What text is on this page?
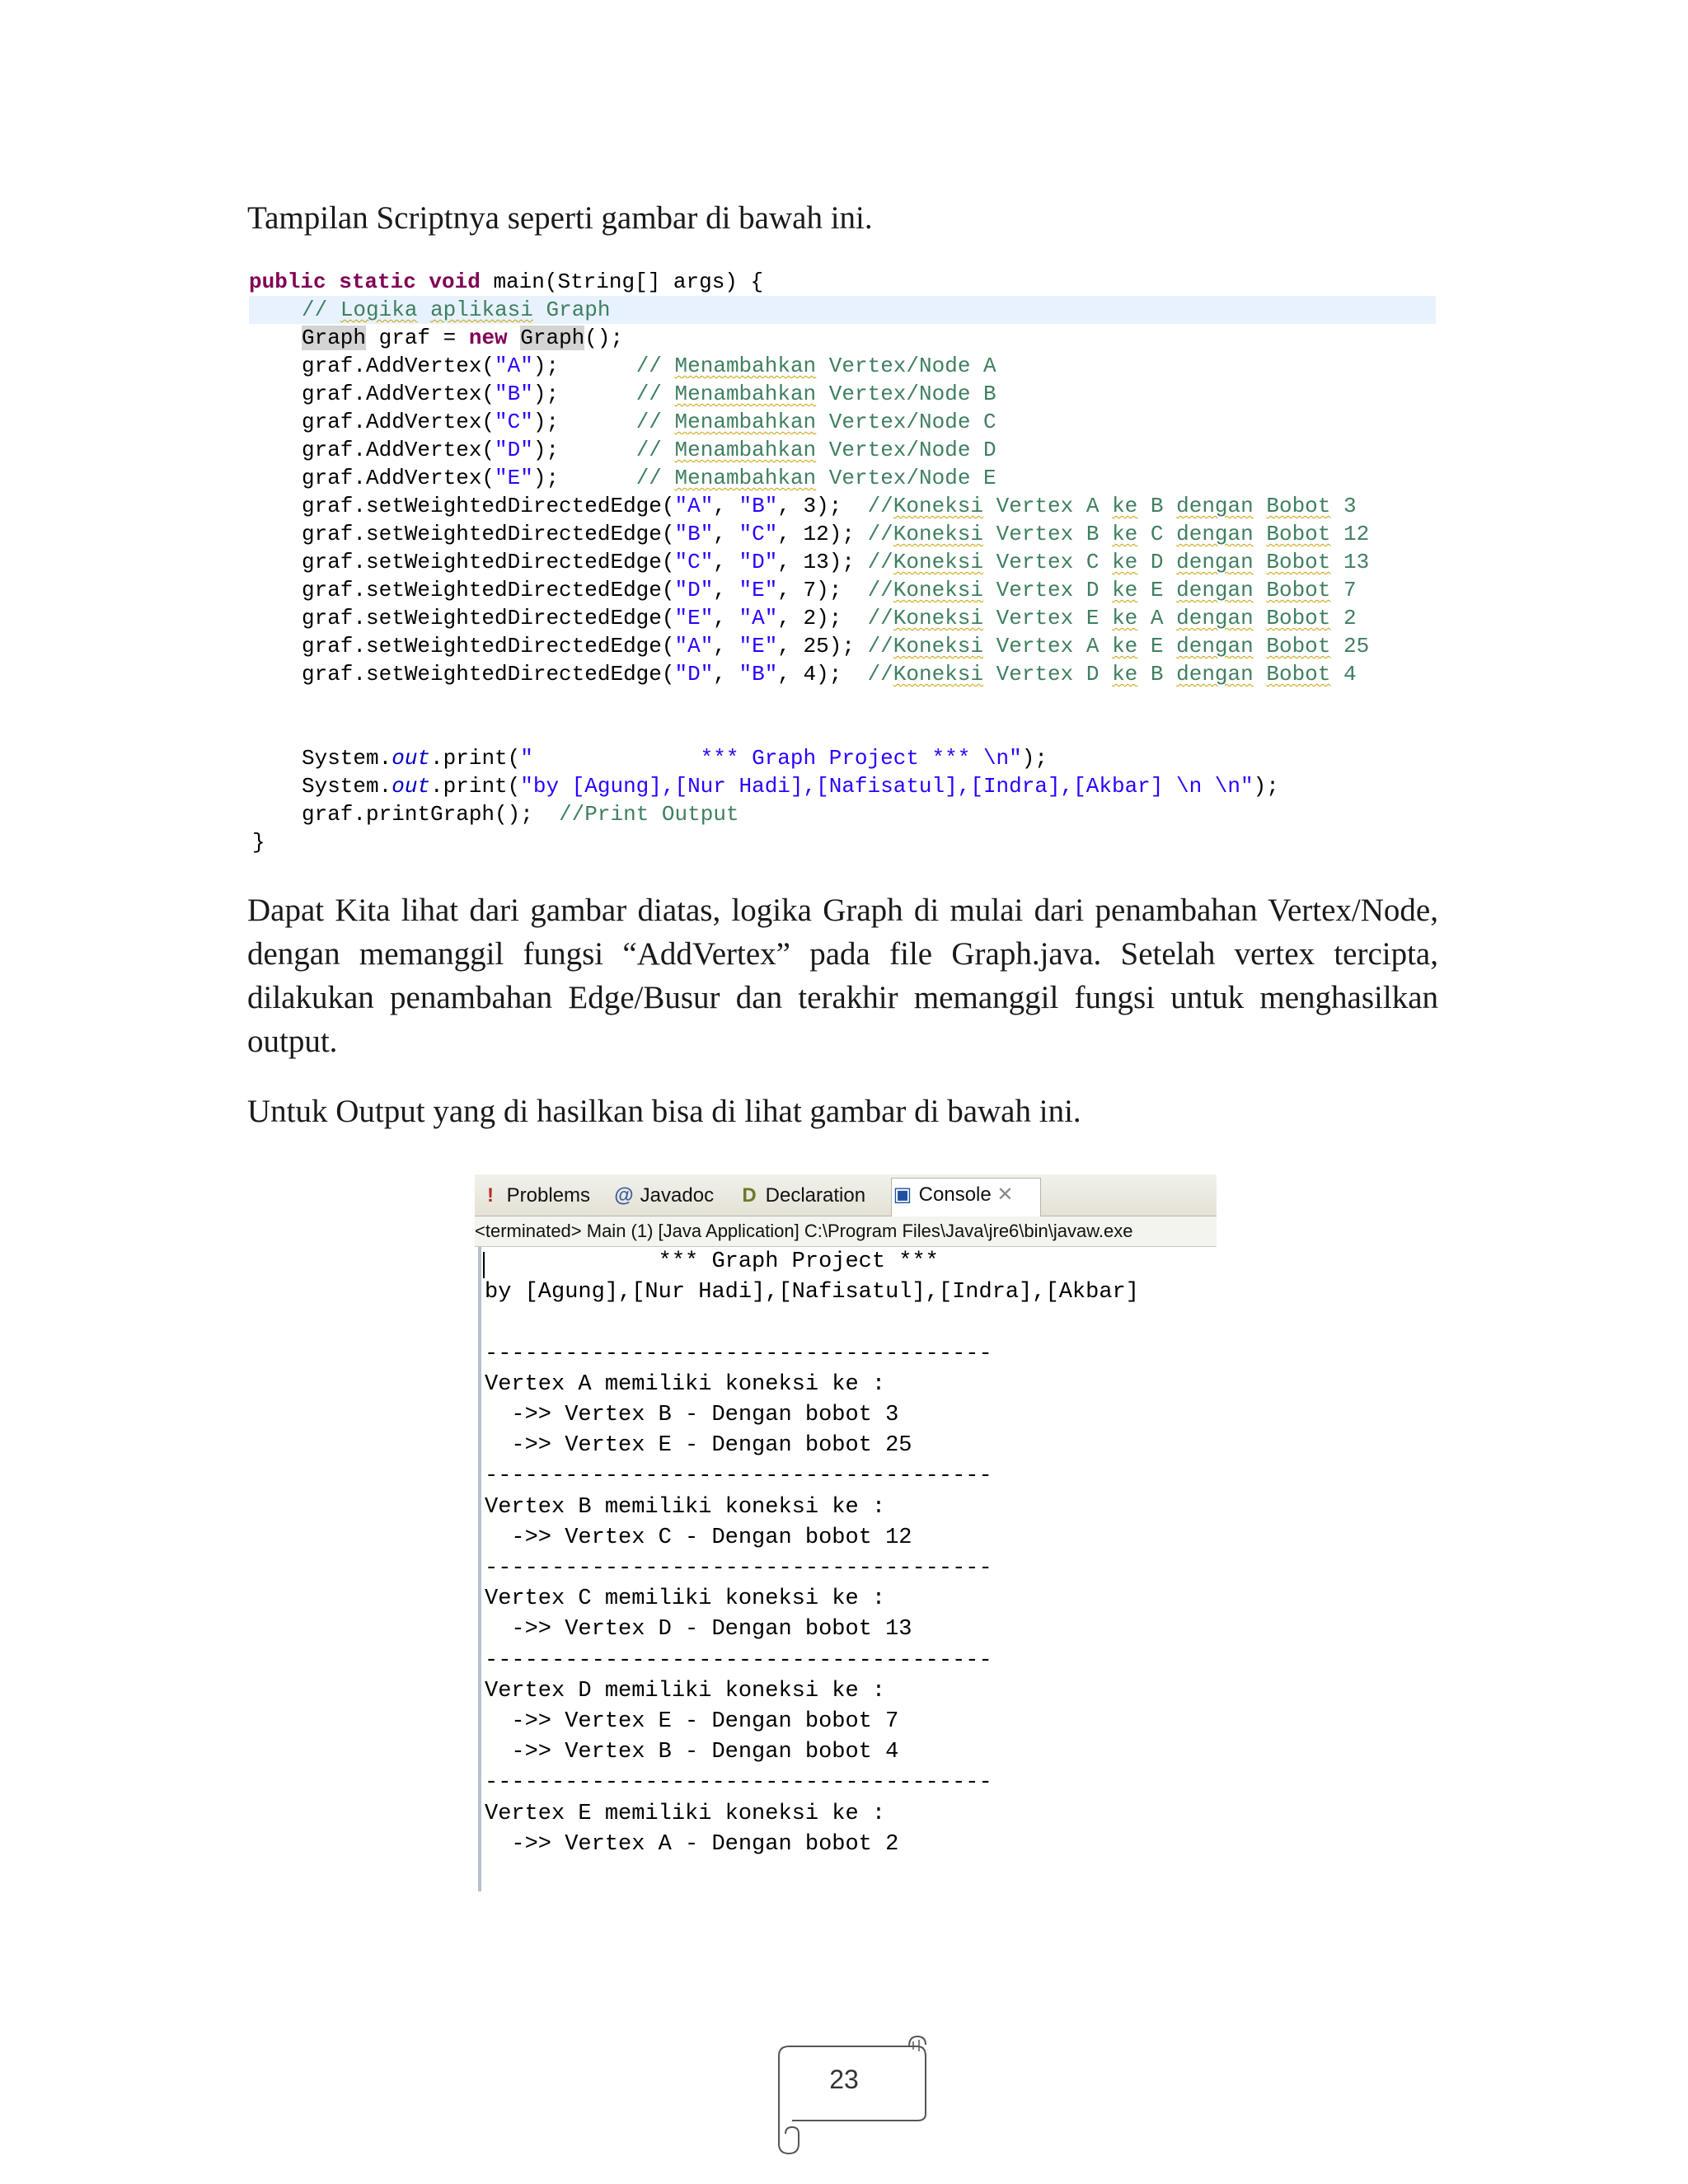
Tampilan Scriptnya seperti gambar di bawah ini.

public static void main(String[] args) {
// Logika aplikasi Graph
Graph graf = new Graph();
graf.AddVertex("A");	// Menambahkan Vertex/Node A
graf.AddVertex("B");	// Menambahkan Vertex/Node B
graf.AddVertex("C");	// Menambahkan Vertex/Node C
graf.AddVertex("D");	// Menambahkan Vertex/Node D
graf.AddVertex("E");	// Menambahkan Vertex/Node E
graf.setWeightedDirectedEdge("A", "B", 3);  //Koneksi Vertex A ke B dengan Bobot 3
graf.setWeightedDirectedEdge("B", "C", 12); //Koneksi Vertex B ke C dengan Bobot 12
graf.setWeightedDirectedEdge("C", "D", 13); //Koneksi Vertex C ke D dengan Bobot 13
graf.setWeightedDirectedEdge("D", "E", 7);  //Koneksi Vertex D ke E dengan Bobot 7
graf.setWeightedDirectedEdge("E", "A", 2);  //Koneksi Vertex E ke A dengan Bobot 2
graf.setWeightedDirectedEdge("A", "E", 25); //Koneksi Vertex A ke E dengan Bobot 25
graf.setWeightedDirectedEdge("D", "B", 4);  //Koneksi Vertex D ke B dengan Bobot 4
System.out.print("             *** Graph Project *** \n");
System.out.print("by [Agung],[Nur Hadi],[Nafisatul],[Indra],[Akbar] \n \n");
graf.printGraph(); //Print Output
}

Dapat Kita lihat dari gambar diatas, logika Graph di mulai dari penambahan Vertex/Node, dengan memanggil fungsi “AddVertex” pada file Graph.java. Setelah vertex tercipta, dilakukan penambahan Edge/Busur dan terakhir memanggil fungsi untuk menghasilkan output.

Untuk Output yang di hasilkan bisa di lihat gambar di bawah ini.

! Problems	@ Javadoc	D Declaration	▣ Console ✕
<terminated> Main (1) [Java Application] C:\Program Files\Java\jre6\bin\javaw.exe
*** Graph Project ***
by [Agung],[Nur Hadi],[Nafisatul],[Indra],[Akbar]

--------------------------------------
Vertex A memiliki koneksi ke :
->> Vertex B - Dengan bobot 3
->> Vertex E - Dengan bobot 25
--------------------------------------
Vertex B memiliki koneksi ke :
->> Vertex C - Dengan bobot 12
--------------------------------------
Vertex C memiliki koneksi ke :
->> Vertex D - Dengan bobot 13
--------------------------------------
Vertex D memiliki koneksi ke :
->> Vertex E - Dengan bobot 7
->> Vertex B - Dengan bobot 4
--------------------------------------
Vertex E memiliki koneksi ke :
->> Vertex A - Dengan bobot 2
23
